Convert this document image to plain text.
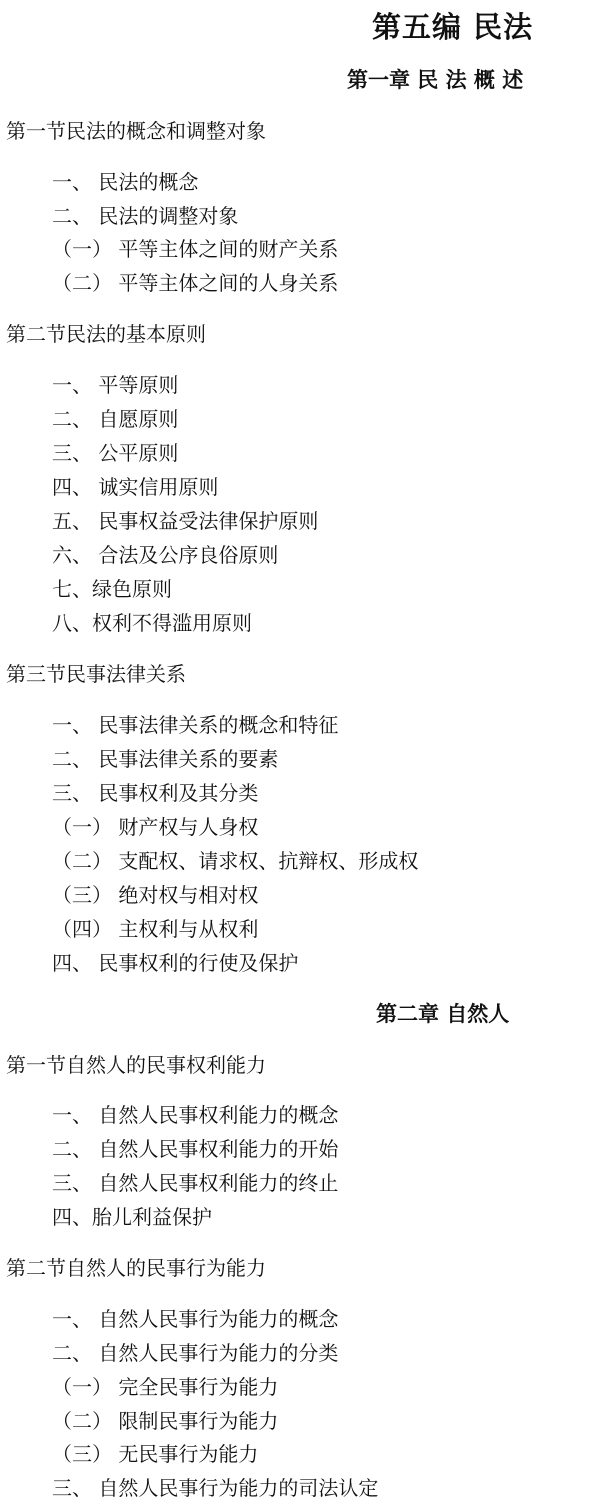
第五编 民法
第一章 民 法 概 述
第一节民法的概念和调整对象
一、 民法的概念
二、 民法的调整对象
（一） 平等主体之间的财产关系
（二） 平等主体之间的人身关系
第二节民法的基本原则
一、 平等原则
二、 自愿原则
三、 公平原则
四、 诚实信用原则
五、 民事权益受法律保护原则
六、 合法及公序良俗原则
七、绿色原则
八、权利不得滥用原则
第三节民事法律关系
一、 民事法律关系的概念和特征
二、 民事法律关系的要素
三、 民事权利及其分类
（一） 财产权与人身权
（二） 支配权、请求权、抗辩权、形成权
（三） 绝对权与相对权
（四） 主权利与从权利
四、 民事权利的行使及保护
第二章 自然人
第一节自然人的民事权利能力
一、 自然人民事权利能力的概念
二、 自然人民事权利能力的开始
三、 自然人民事权利能力的终止
四、胎儿利益保护
第二节自然人的民事行为能力
一、 自然人民事行为能力的概念
二、 自然人民事行为能力的分类
（一） 完全民事行为能力
（二） 限制民事行为能力
（三） 无民事行为能力
三、 自然人民事行为能力的司法认定
